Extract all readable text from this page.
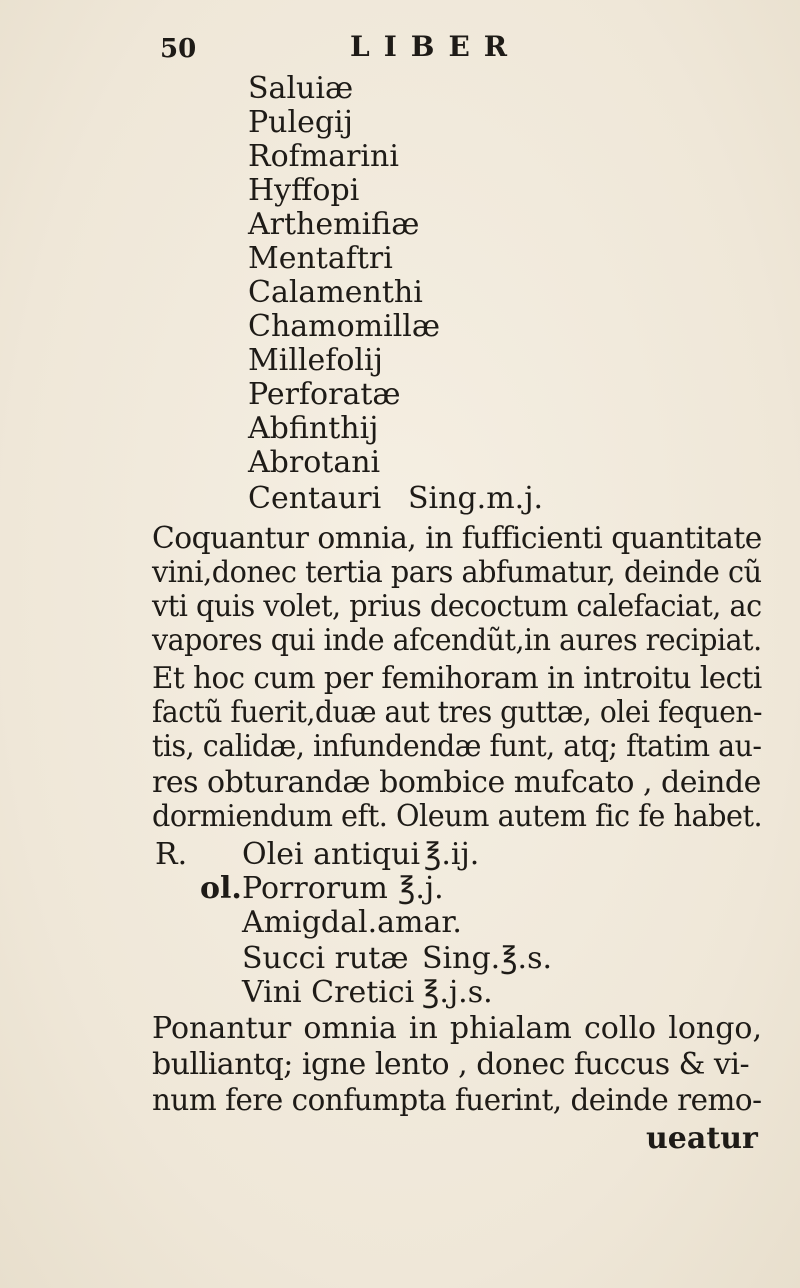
50	LIBER
Saluiæ
Pulegij
Rofmarini
Hyffopi
Arthemifiæ
Mentaftri
Calamenthi
Chamomillæ
Millefolij
Perforatæ
Abfinthij
Abrotani
Centauri Sing.m.j.
Coquantur omnia, in fufficienti quantitate
vini,donec tertia pars abfumatur, deinde cũ
vti quis volet, prius decoctum calefaciat, ac
vapores qui inde afcendũt,in aures recipiat.
Et hoc cum per femihoram in introitu lecti
factũ fuerit,duæ aut tres guttæ, olei fequen-
tis, calidæ, infundendæ funt, atq; ftatim au-
res obturandæ bombice mufcato , deinde
dormiendum eft. Oleum autem fic fe habet.
R. Olei antiqui ℥.ij.
ol. Porrorum ℥.j.
Amigdal.amar.
Succi rutæ Sing.℥.s.
Vini Cretici ℥.j.s.
Ponantur omnia in phialam collo longo,
bulliantq; igne lento , donec fuccus & vi-
num fere confumpta fuerint, deinde remo-
ueatur
